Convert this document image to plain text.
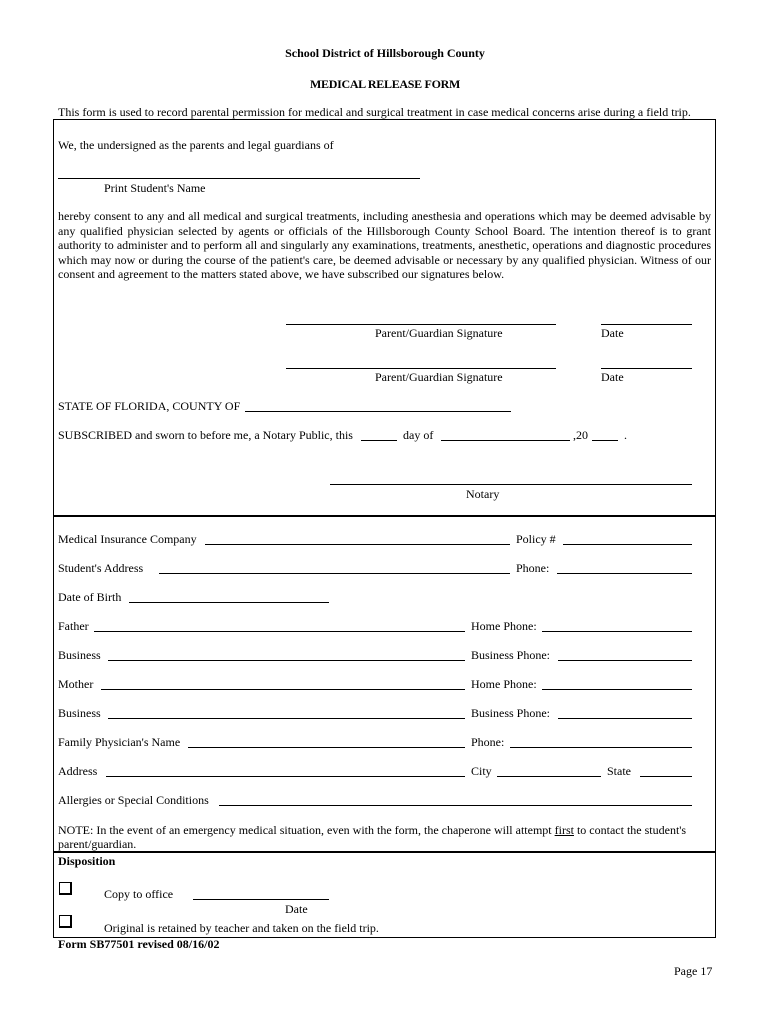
School District of Hillsborough County
MEDICAL RELEASE FORM
This form is used to record parental permission for medical and surgical treatment in case medical concerns arise during a field trip.
We, the undersigned as the parents and legal guardians of
Print Student's Name
hereby consent to any and all medical and surgical treatments, including anesthesia and operations which may be deemed advisable by any qualified physician selected by agents or officials of the Hillsborough County School Board. The intention thereof is to grant authority to administer and to perform all and singularly any examinations, treatments, anesthetic, operations and diagnostic procedures which may now or during the course of the patient's care, be deemed advisable or necessary by any qualified physician. Witness of our consent and agreement to the matters stated above, we have subscribed our signatures below.
Parent/Guardian Signature	Date
Parent/Guardian Signature	Date
STATE OF FLORIDA, COUNTY OF
SUBSCRIBED and sworn to before me, a Notary Public, this	day of	,20	.
Notary
Medical Insurance Company	Policy #
Student's Address	Phone:
Date of Birth
Father	Home Phone:
Business	Business Phone:
Mother	Home Phone:
Business	Business Phone:
Family Physician's Name	Phone:
Address	City	State
Allergies or Special Conditions
NOTE: In the event of an emergency medical situation, even with the form, the chaperone will attempt first to contact the student's parent/guardian.
Disposition
Copy to office
Date
Original is retained by teacher and taken on the field trip.
Form SB77501 revised 08/16/02
Page 17
